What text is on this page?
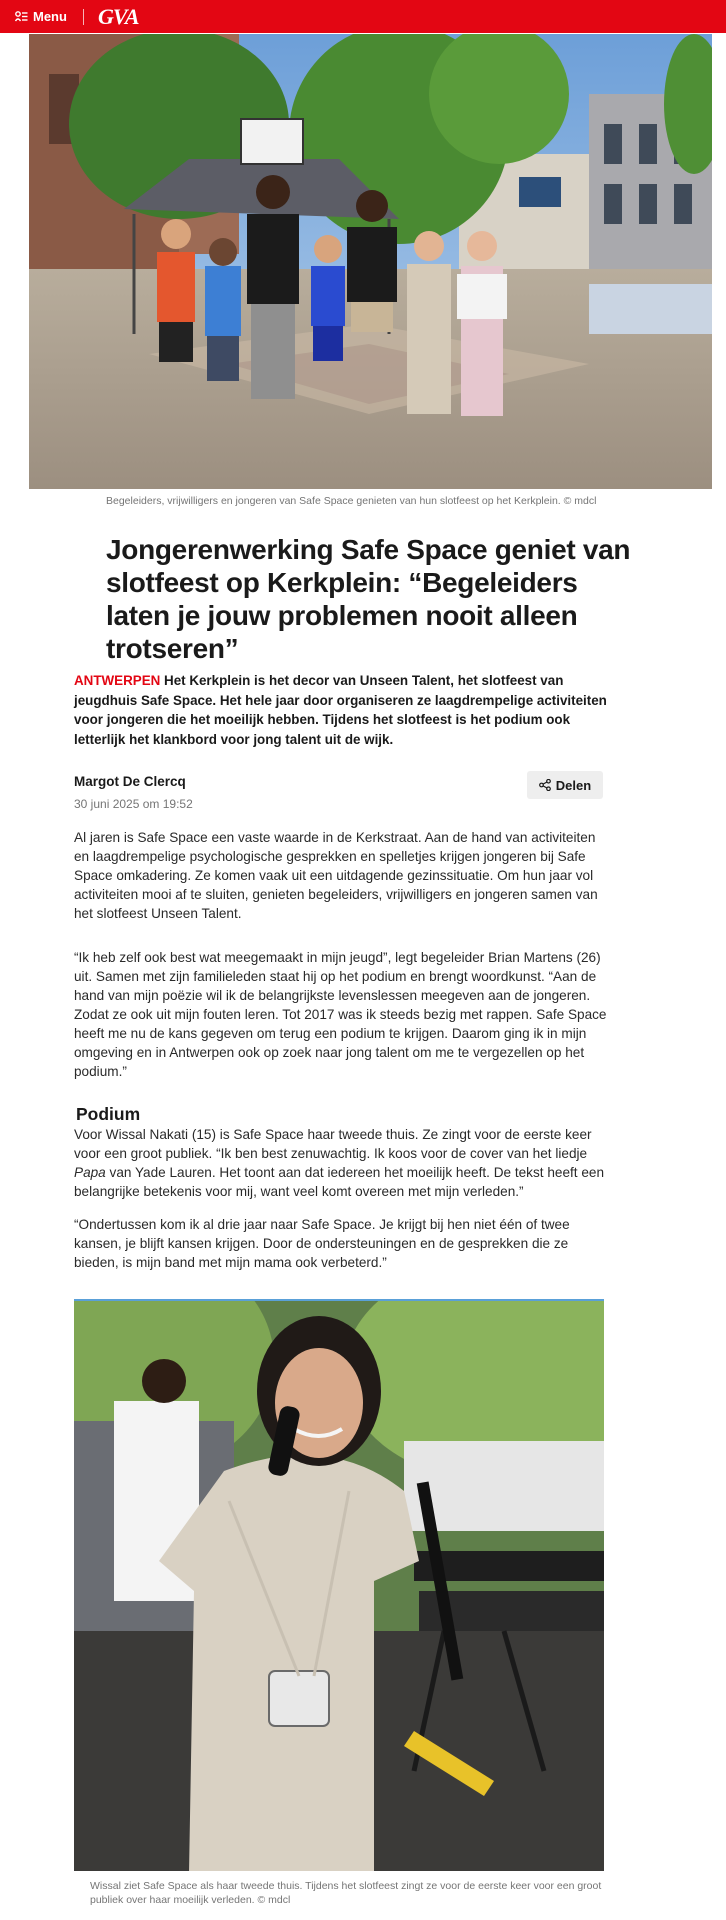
Menu GVA
Begeleiders, vrijwilligers en jongeren van Safe Space genieten van hun slotfeest op het Kerkplein. © mdcl
Jongerenwerking Safe Space geniet van slotfeest op Kerkplein: “Begeleiders laten je jouw problemen nooit alleen trotseren”

ANTWERPEN Het Kerkplein is het decor van Unseen Talent, het slotfeest van jeugdhuis Safe Space. Het hele jaar door organiseren ze laagdrempelige activiteiten voor jongeren die het moeilijk hebben. Tijdens het slotfeest is het podium ook letterlijk het klankbord voor jong talent uit de wijk.

Margot De Clercq
30 juni 2025 om 19:52
Delen

Al jaren is Safe Space een vaste waarde in de Kerkstraat. Aan de hand van activiteiten en laagdrempelige psychologische gesprekken en spelletjes krijgen jongeren bij Safe Space omkadering. Ze komen vaak uit een uitdagende gezinssituatie. Om hun jaar vol activiteiten mooi af te sluiten, genieten begeleiders, vrijwilligers en jongeren samen van het slotfeest Unseen Talent.

“Ik heb zelf ook best wat meegemaakt in mijn jeugd”, legt begeleider Brian Martens (26) uit. Samen met zijn familieleden staat hij op het podium en brengt woordkunst. “Aan de hand van mijn poëzie wil ik de belangrijkste levenslessen meegeven aan de jongeren. Zodat ze ook uit mijn fouten leren. Tot 2017 was ik steeds bezig met rappen. Safe Space heeft me nu de kans gegeven om terug een podium te krijgen. Daarom ging ik in mijn omgeving en in Antwerpen ook op zoek naar jong talent om me te vergezellen op het podium.”

Podium

Voor Wissal Nakati (15) is Safe Space haar tweede thuis. Ze zingt voor de eerste keer voor een groot publiek. “Ik ben best zenuwachtig. Ik koos voor de cover van het liedje Papa van Yade Lauren. Het toont aan dat iedereen het moeilijk heeft. De tekst heeft een belangrijke betekenis voor mij, want veel komt overeen met mijn verleden.”

“Ondertussen kom ik al drie jaar naar Safe Space. Je krijgt bij hen niet één of twee kansen, je blijft kansen krijgen. Door de ondersteuningen en de gesprekken die ze bieden, is mijn band met mijn mama ook verbeterd.”

Wissal ziet Safe Space als haar tweede thuis. Tijdens het slotfeest zingt ze voor de eerste keer voor een groot publiek over haar moeilijk verleden. © mdcl
